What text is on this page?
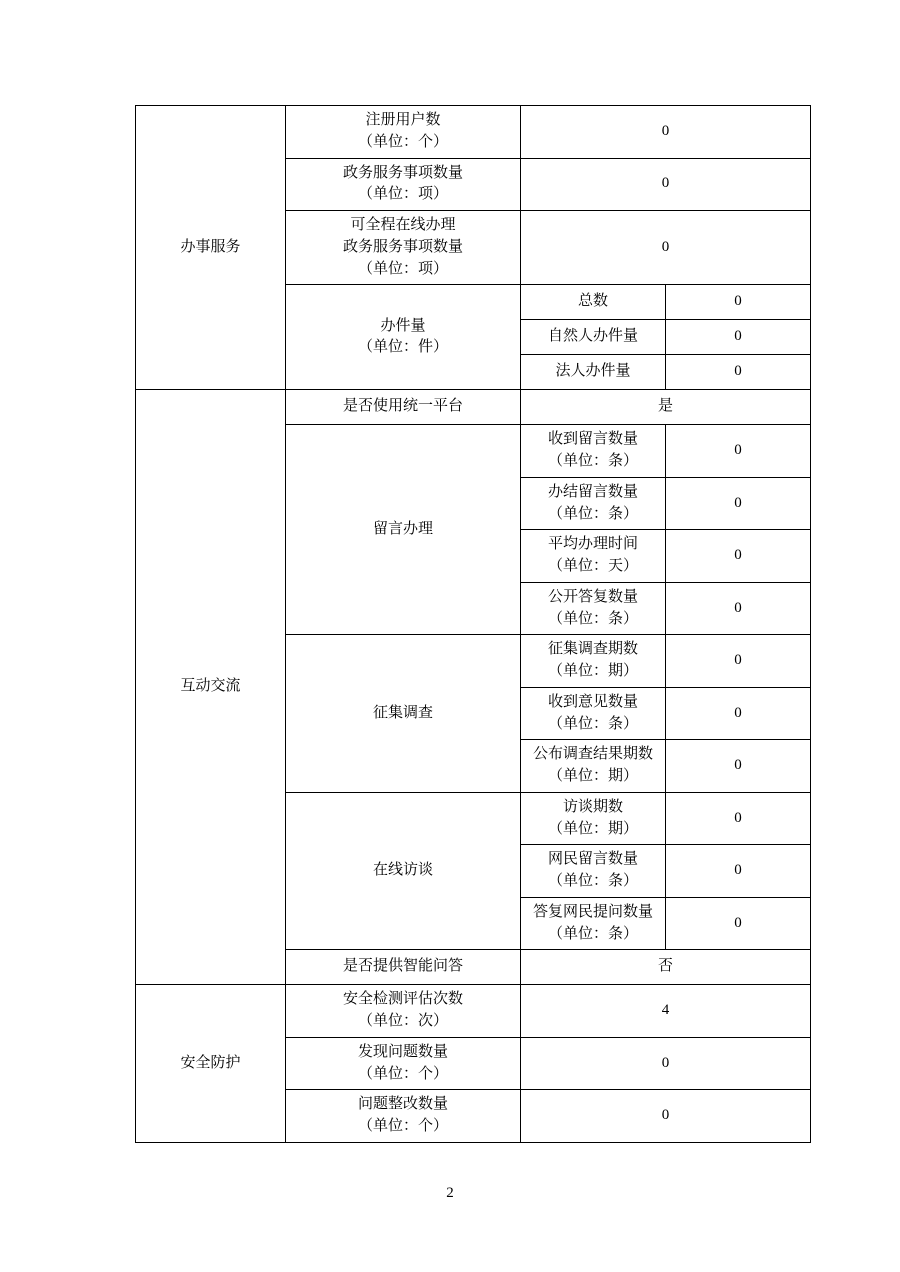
办事服务	注册用户数
（单位：个）	0	

	政务服务事项数量
（单位：项）	0	

	可全程在线办理
政务服务事项数量
（单位：项）	0	

	办件量
（单位：件）	总数	0

		自然人办件量	0

		法人办件量	0

互动交流	是否使用统一平台	是	

	留言办理	收到留言数量
（单位：条）	0

		办结留言数量
（单位：条）	0

		平均办理时间
（单位：天）	0

		公开答复数量
（单位：条）	0

	征集调查	征集调查期数
（单位：期）	0

		收到意见数量
（单位：条）	0

		公布调查结果期数
（单位：期）	0

	在线访谈	访谈期数
（单位：期）	0

		网民留言数量
（单位：条）	0

		答复网民提问数量
（单位：条）	0

	是否提供智能问答	否	

安全防护	安全检测评估次数
（单位：次）	4	

	发现问题数量
（单位：个）	0	

	问题整改数量
（单位：个）	0	
2
